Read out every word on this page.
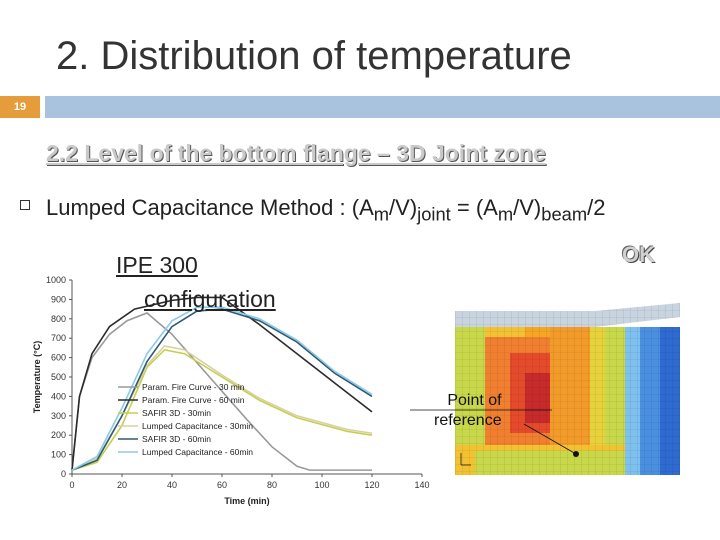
2. Distribution of temperature
19
2.2 Level of the bottom flange – 3D Joint zone
Lumped Capacitance Method : $(A_m/V)_{joint} = (A_m/V)_{beam}/2$
OK
0
100
200
300
400
500
600
700
800
900
1000
0	20	40	60	80	100	120	140
Time (min)
Temperature (°C)	Param. Fire Curve - 30 min
Param. Fire Curve - 60 min
SAFIR 3D - 30min
Lumped Capacitance - 30min
SAFIR 3D - 60min
Lumped Capacitance - 60min
IPE 300
configuration
Point of
reference
